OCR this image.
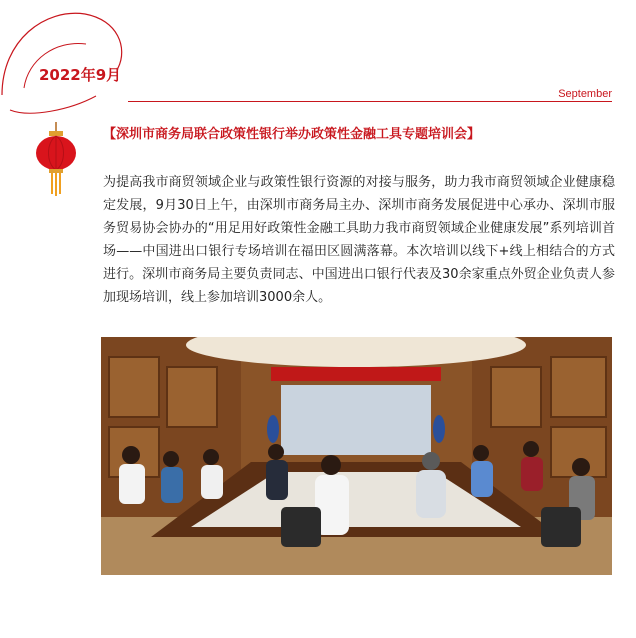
2022年9月
September
【深圳市商务局联合政策性银行举办政策性金融工具专题培训会】
为提高我市商贸领域企业与政策性银行资源的对接与服务，助力我市商贸领域企业健康稳定发展，9月30日上午，由深圳市商务局主办、深圳市商务发展促进中心承办、深圳市服务贸易协会协办的“用足用好政策性金融工具助力我市商贸领域企业健康发展”系列培训首场——中国进出口银行专场培训在福田区圆满落幕。本次培训以线下+线上相结合的方式进行。深圳市商务局主要负责同志、中国进出口银行代表及30余家重点外贸企业负责人参加现场培训，线上参加培训3000余人。
